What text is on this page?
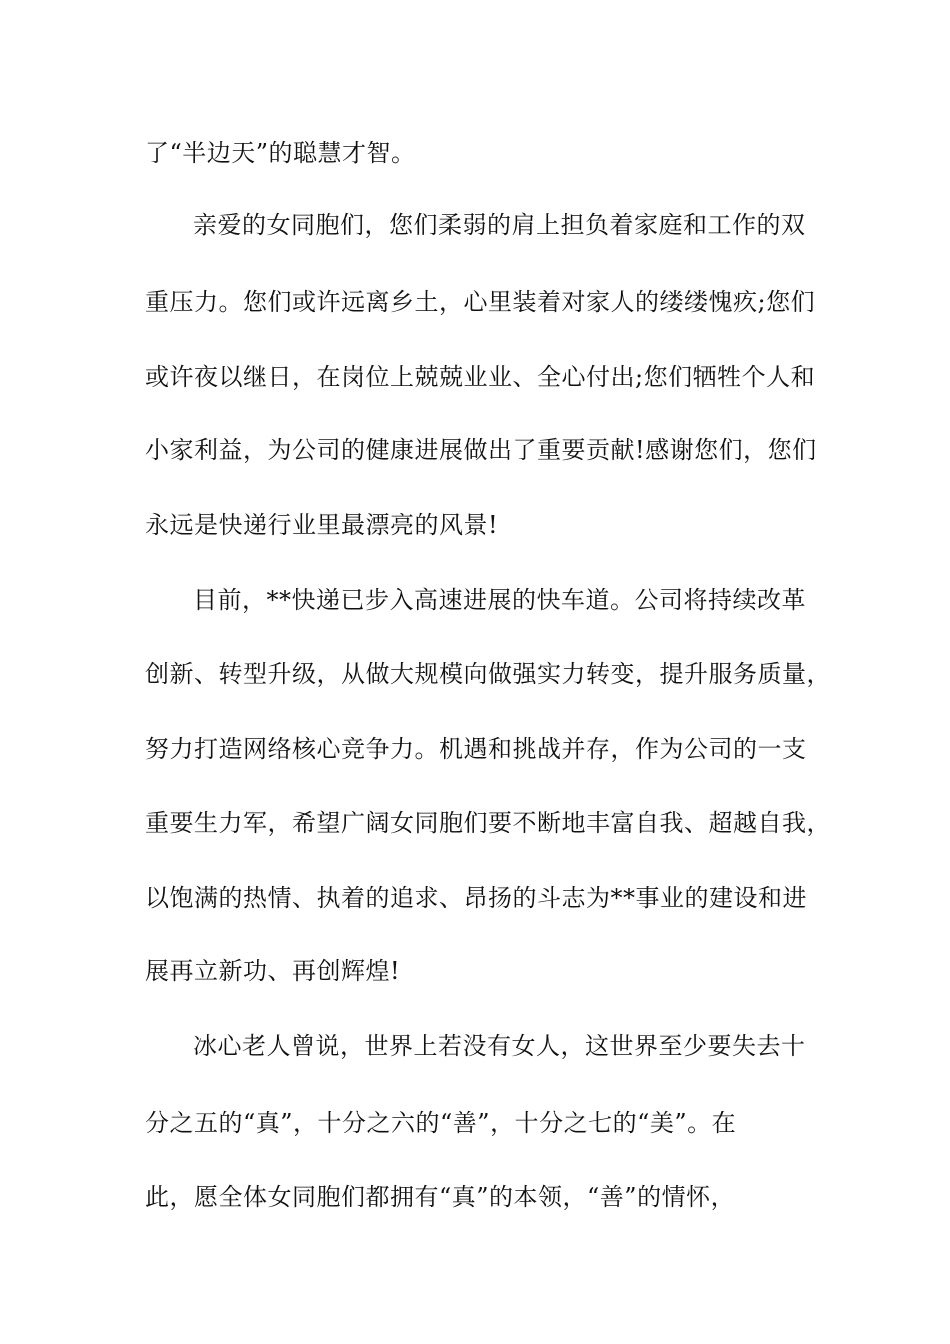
了“半边天”的聪慧才智。
亲爱的女同胞们，您们柔弱的肩上担负着家庭和工作的双
重压力。您们或许远离乡土，心里装着对家人的缕缕愧疚;您们
或许夜以继日，在岗位上兢兢业业、全心付出;您们牺牲个人和
小家利益，为公司的健康进展做出了重要贡献!感谢您们，您们
永远是快递行业里最漂亮的风景!
目前，**快递已步入高速进展的快车道。公司将持续改革
创新、转型升级，从做大规模向做强实力转变，提升服务质量，
努力打造网络核心竞争力。机遇和挑战并存，作为公司的一支
重要生力军，希望广阔女同胞们要不断地丰富自我、超越自我，
以饱满的热情、执着的追求、昂扬的斗志为**事业的建设和进
展再立新功、再创辉煌!
冰心老人曾说，世界上若没有女人，这世界至少要失去十
分之五的“真”，十分之六的“善”，十分之七的“美”。在
此，愿全体女同胞们都拥有“真”的本领，“善”的情怀，
